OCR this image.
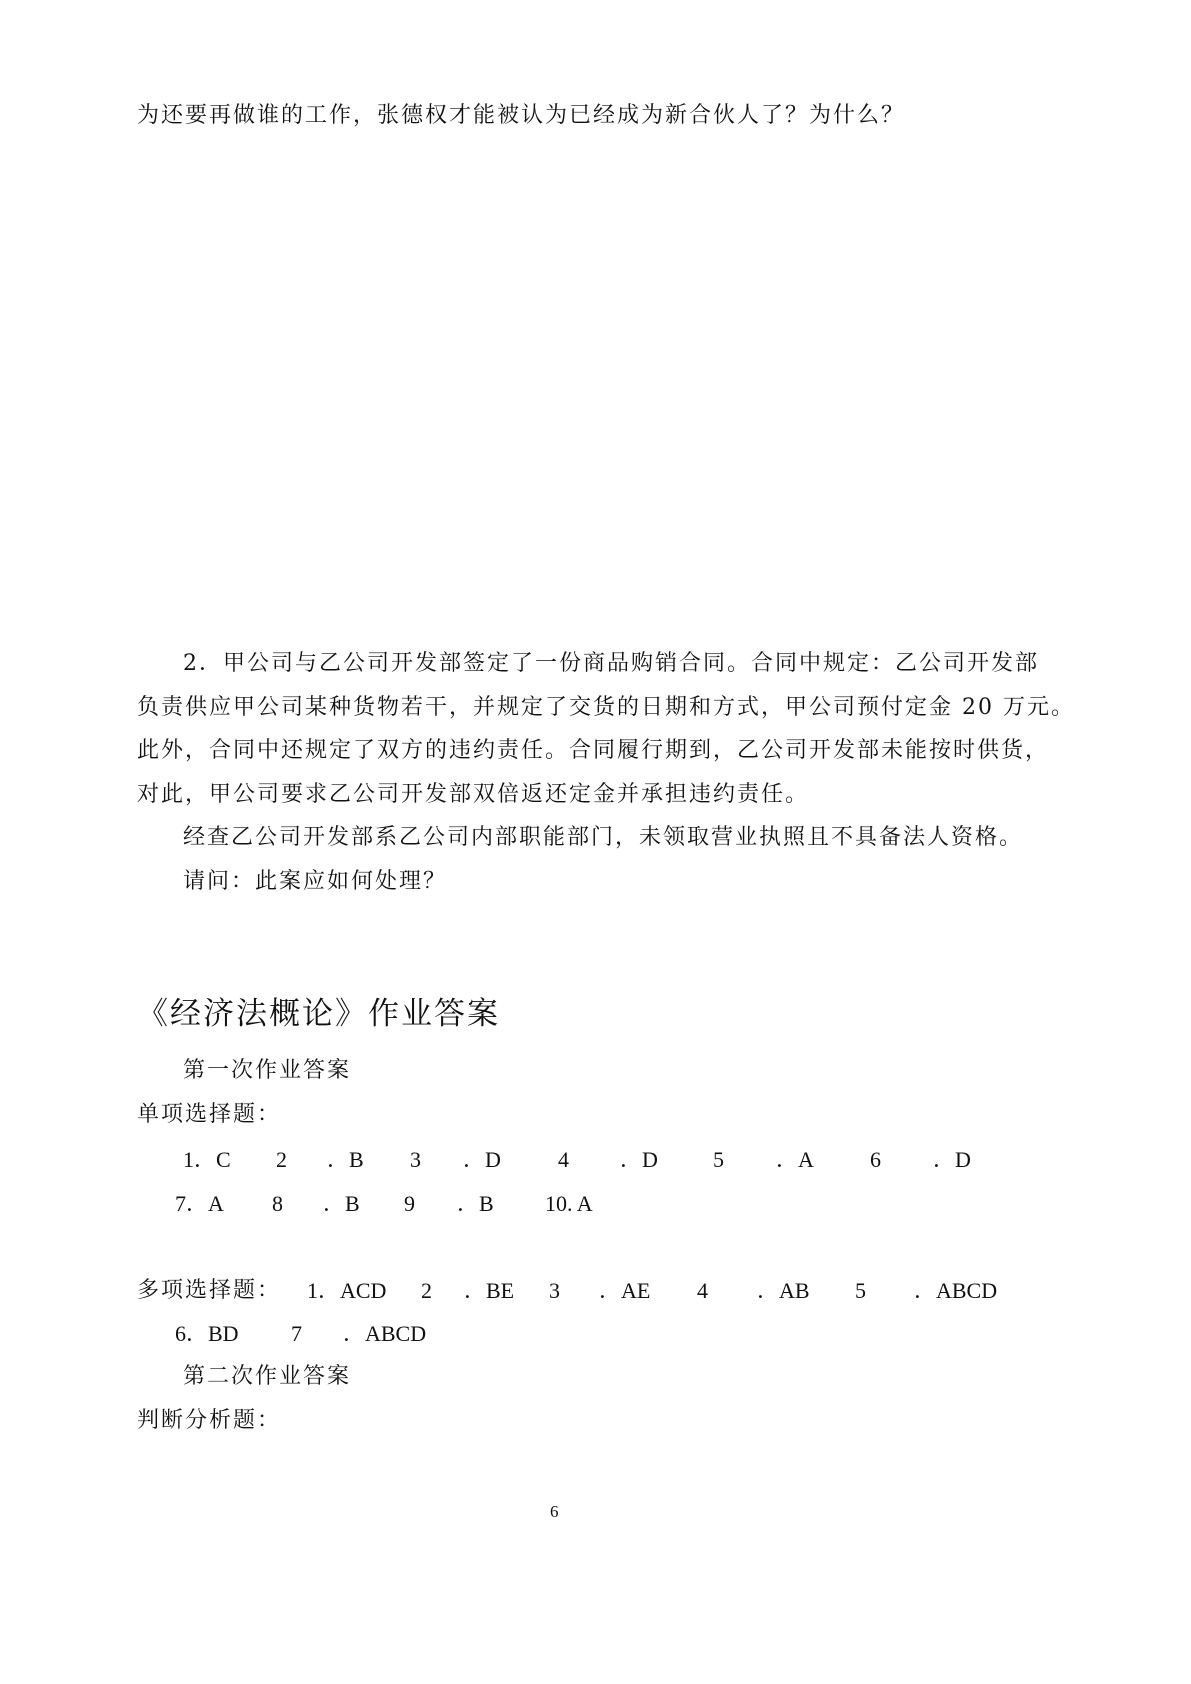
为还要再做谁的工作，张德权才能被认为已经成为新合伙人了？为什么？
2．甲公司与乙公司开发部签定了一份商品购销合同。合同中规定：乙公司开发部
负责供应甲公司某种货物若干，并规定了交货的日期和方式，甲公司预付定金 20 万元。
此外，合同中还规定了双方的违约责任。合同履行期到，乙公司开发部未能按时供货，
对此，甲公司要求乙公司开发部双倍返还定金并承担违约责任。
经查乙公司开发部系乙公司内部职能部门，未领取营业执照且不具备法人资格。
请问：此案应如何处理？
《经济法概论》作业答案
第一次作业答案
单项选择题：
1．C 2 ．B 3 ．D	4 ．D	5 ．A	6 ．D
7．A 8 ．B 9 ．B 10. A
多项选择题： 1．ACD 2 ．BE 3 ．AE 4 ．AB 5 ．ABCD
6．BD 7 ．ABCD
第二次作业答案
判断分析题：
6
